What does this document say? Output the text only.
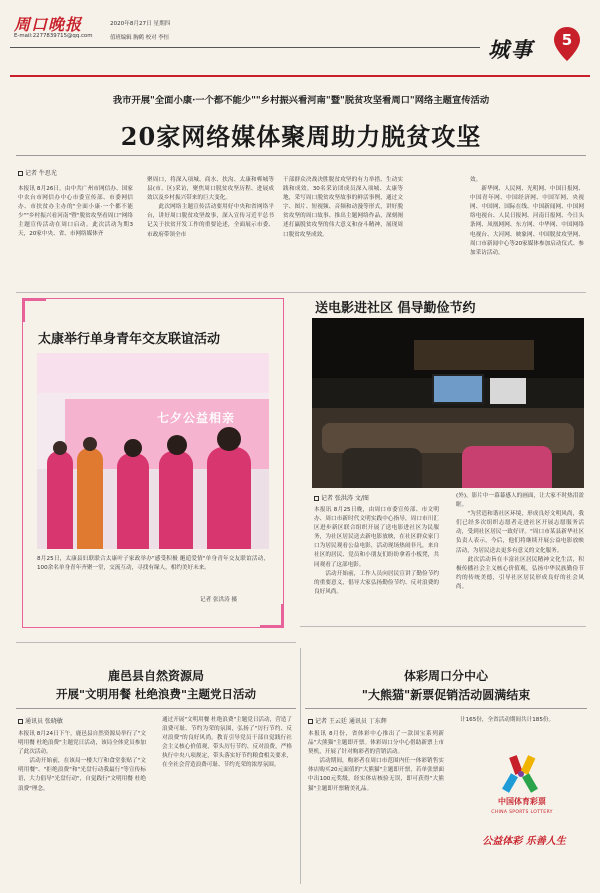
周口晚报	2020年8月27日 星期四
E-mail:2277839715@qq.com	值班编辑 胸鹤 校对 李恒	城事	5
我市开展"全面小康·一个都不能少""乡村振兴看河南"暨"脱贫攻坚看周口"网络主题宣传活动
20家网络媒体聚周助力脱贫攻坚
记者 牛思光
本报讯 8月26日，由中共广州市网信办、国家中农台市网信办中心市委宣传部、市委网信办、市扶贫办主办的"全面小康·一个都不能少""乡村振兴看河南"暨"脱贫攻坚看周口"网络主题宣传活动在周口启动。此次活动为期3天，20家中央、省、市网络媒体齐
聚周口，将深入项城、商水、扶沟、太康和郸城等县(市、区)采访，聚焦周口脱贫攻坚历程、进展成效以及乡村振兴带来的巨大变化。
　　此次网络主题宣传活动要用好中央和省网络平台，讲好周口脱贫攻坚故事，深入宣传习近平总书记关于扶贫开发工作的重要论述，全面展示市委、市政府带领全市
干部群众决战决胜脱贫攻坚的有力举措、生动实践和成效。30名采访团成员深入项城、太康等地，采写周口脱贫攻坚故事的鲜活事例，通过文字、图片、短视频、音频和动漫等形式，讲好脱贫攻坚的周口故事、推出主题网络作品，深刻阐述打赢脱贫攻坚的伟大意义和奋斗精神，展现周口脱贫攻坚成效。
效。
　　新华网、人民网、光明网、中国日报网、中国青年网、中国经济网、中国军网、央视网、中国网、国际在线、中国新闻网、中国网络电视台、人民日报网、河南日报网、今日头条网、凤凰网网、东方网、中华网、中国网络电视台、大河网、映象网、中国脱贫攻坚网、周口市新闻中心等20家媒体参加启动仪式、参加采访活动。
太康举行单身青年交友联谊活动
七夕公益相亲
8月25日，太康县妇联联合太康叶子家政举办"感受积极 邂逅爱情"单身青年交友联谊活动，100余名单身青年齐聚一堂，交流互动，寻找有缘人，相约美好未来。
记者 张洪涛 摄
送电影进社区 倡导勤俭节约
记者 张洪涛 文/图
本报讯 8月25日晚，由周口市委宣传部、市文明办、周口市新时代文明实践中心指导，周口市川汇区进步新区联合组织开展了送电影进社区为民服务，为社区居民送去新电影放映，在社区群众家门口为居民观看公益电影，活动现场热闹非凡，来自社区的居民、党员和小朋友们纷纷拿着小板凳，共同观看了这部电影。
　　活动开始前，工作人员向居民宣讲了勤俭节约的重要意义，倡导大家弘扬勤俭节约、反对浪费的良好风尚。
(外)。影片中一幕幕感人的画面，让大家不时热泪盈眶。
　　"为营造和谐社区环境，形成良好文明风尚，我们已经多次组织志愿者走进社区开展志愿服务活动，受到社区居民一致好评。"周口市某县新华社区负责人表示，今后，他们将继续开展公益电影放映活动，为居民送去更多有意义的文化服务。
　　此次活动旨在丰富社区居民精神文化生活，积极传播社会主义核心价值观，弘扬中华民族勤俭节约的传统美德，引导社区居民形成良好的社会风尚。
鹿邑县自然资源局
开展"文明用餐 杜绝浪费"主题党日活动
通讯员 张晓敏
本报讯 8月24日下午，鹿邑县自然资源局举行了"文明用餐 杜绝浪费"主题党日活动，该局全体党员参加了此次活动。
　　活动开始前，在该局一楼大厅和食堂张贴了"文明用餐"、"拒绝浪费"和"光盘行动我最行"等宣传标语，大力倡导"光盘行动"，自觉践行"文明用餐 杜绝浪费"理念。
通过开展"文明用餐 杜绝浪费"主题党日活动，营造了浪费可耻、节约为荣的氛围，弘扬了"厉行节约、反对浪费"的良好风尚，教育引导党员干部自觉践行社会主义核心价值观，带头厉行节约、反对浪费，严格执行中央八项规定，带头落实好节约粮食相关要求，在全社会营造浪费可耻、节约光荣的浓厚氛围。
体彩周口分中心
"大熊猫"新票促销活动圆满结束
记者 王云廷 通讯员 丁东辉
本报讯 8月份，省体彩中心推出了一款国宝系列新品"大熊猫"主题即开票。体彩周口分中心借助新票上市契机，开展了针对购彩者的营销活动。
　　活动期间，购彩者在周口市范围内任一体彩销售实体店购买20元面值的"大熊猫"主题即开票，若单张票面中出100元奖级，经实体店核验无误，即可获得"大熊猫"主题即开票精美礼品。
计165份，全省活动期间共计185份。
中国体育彩票
CHINA SPORTS LOTTERY
公益体彩 乐善人生
